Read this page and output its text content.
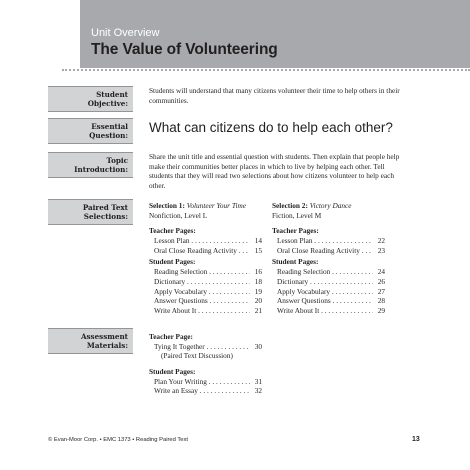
Unit Overview
The Value of Volunteering
Student
Objective:
Students will understand that many citizens volunteer their time to help others in their communities.
Essential
Question:
What can citizens do to help each other?
Topic
Introduction:
Share the unit title and essential question with students. Then explain that people help make their communities better places in which to live by helping each other. Tell students that they will read two selections about how citizens volunteer to help each other.
Paired Text
Selections:
Selection 1: Volunteer Your Time
Nonfiction, Level L
Teacher Pages:
Lesson Plan . . .	14
Oral Close Reading Activity . . .	15
Student Pages:
Reading Selection . . .	16
Dictionary . . .	18
Apply Vocabulary . . .	19
Answer Questions . . .	20
Write About It . . .	21
Selection 2: Victory Dance
Fiction, Level M
Teacher Pages:
Lesson Plan . . .	22
Oral Close Reading Activity . . .	23
Student Pages:
Reading Selection . . .	24
Dictionary . . .	26
Apply Vocabulary . . .	27
Answer Questions . . .	28
Write About It . . .	29
Assessment
Materials:
Teacher Page:
Tying It Together . . .	30
(Paired Text Discussion)
Student Pages:
Plan Your Writing . . .	31
Write an Essay . . .	32
© Evan-Moor Corp. • EMC 1373 • Reading Paired Text	13
